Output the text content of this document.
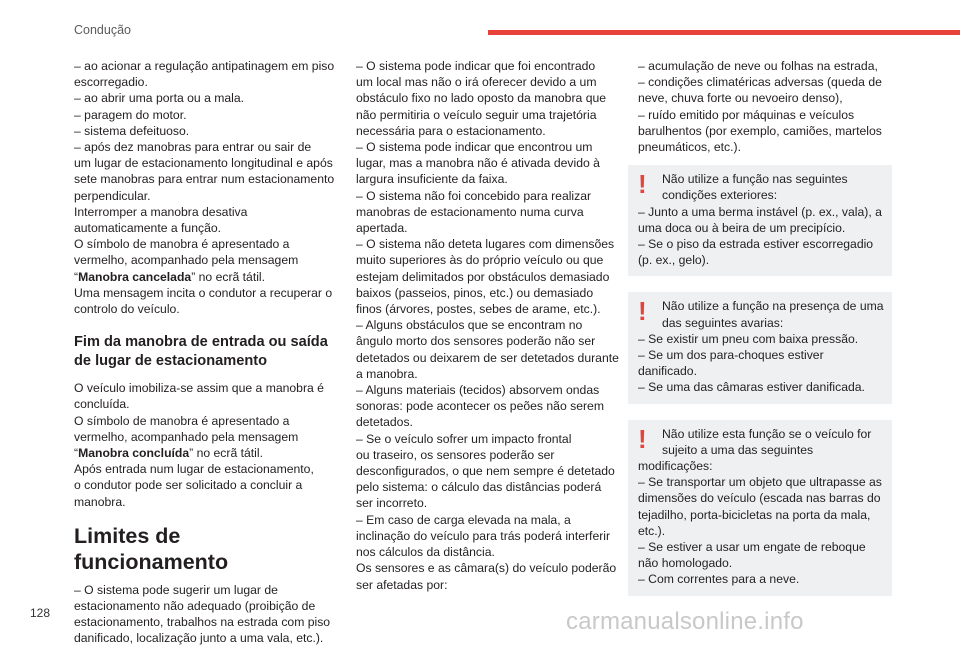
Condução

– ao acionar a regulação antipatinagem em piso

escorregadio.

– ao abrir uma porta ou a mala.

– paragem do motor.

– sistema defeituoso.

– após dez manobras para entrar ou sair de

um lugar de estacionamento longitudinal e após

sete manobras para entrar num estacionamento

perpendicular.

Interromper a manobra desativa

automaticamente a função.

O símbolo de manobra é apresentado a

vermelho, acompanhado pela mensagem

“Manobra cancelada” no ecrã tátil.

Uma mensagem incita o condutor a recuperar o

controlo do veículo.

Fim da manobra de entrada ou saída
de lugar de estacionamento

O veículo imobiliza-se assim que a manobra é

concluída.

O símbolo de manobra é apresentado a

vermelho, acompanhado pela mensagem

“Manobra concluída” no ecrã tátil.

Após entrada num lugar de estacionamento,

o condutor pode ser solicitado a concluir a

manobra.

Limites de funcionamento

– O sistema pode sugerir um lugar de

estacionamento não adequado (proibição de

estacionamento, trabalhos na estrada com piso

danificado, localização junto a uma vala, etc.).

– O sistema pode indicar que foi encontrado

um local mas não o irá oferecer devido a um

obstáculo fixo no lado oposto da manobra que

não permitiria o veículo seguir uma trajetória

necessária para o estacionamento.

– O sistema pode indicar que encontrou um

lugar, mas a manobra não é ativada devido à

largura insuficiente da faixa.

– O sistema não foi concebido para realizar

manobras de estacionamento numa curva

apertada.

– O sistema não deteta lugares com dimensões

muito superiores às do próprio veículo ou que

estejam delimitados por obstáculos demasiado

baixos (passeios, pinos, etc.) ou demasiado

finos (árvores, postes, sebes de arame, etc.).

– Alguns obstáculos que se encontram no

ângulo morto dos sensores poderão não ser

detetados ou deixarem de ser detetados durante

a manobra.

– Alguns materiais (tecidos) absorvem ondas

sonoras: pode acontecer os peões não serem

detetados.

– Se o veículo sofrer um impacto frontal

ou traseiro, os sensores poderão ser

desconfigurados, o que nem sempre é detetado

pelo sistema: o cálculo das distâncias poderá

ser incorreto.

– Em caso de carga elevada na mala, a

inclinação do veículo para trás poderá interferir

nos cálculos da distância.

Os sensores e as câmara(s) do veículo poderão

ser afetadas por:

– acumulação de neve ou folhas na estrada,

– condições climatéricas adversas (queda de

neve, chuva forte ou nevoeiro denso),

– ruído emitido por máquinas e veículos

barulhentos (por exemplo, camiões, martelos

pneumáticos, etc.).

!	Não utilize a função nas seguintes

condições exteriores:

– Junto a uma berma instável (p. ex., vala), a

uma doca ou à beira de um precipício.

– Se o piso da estrada estiver escorregadio

(p. ex., gelo).

!	Não utilize a função na presença de uma

das seguintes avarias:

– Se existir um pneu com baixa pressão.

– Se um dos para-choques estiver

danificado.

– Se uma das câmaras estiver danificada.

!	Não utilize esta função se o veículo for

sujeito a uma das seguintes

modificações:

– Se transportar um objeto que ultrapasse as

dimensões do veículo (escada nas barras do

tejadilho, porta-bicicletas na porta da mala,

etc.).

– Se estiver a usar um engate de reboque

não homologado.

– Com correntes para a neve.

128	carmanualsonline.info
